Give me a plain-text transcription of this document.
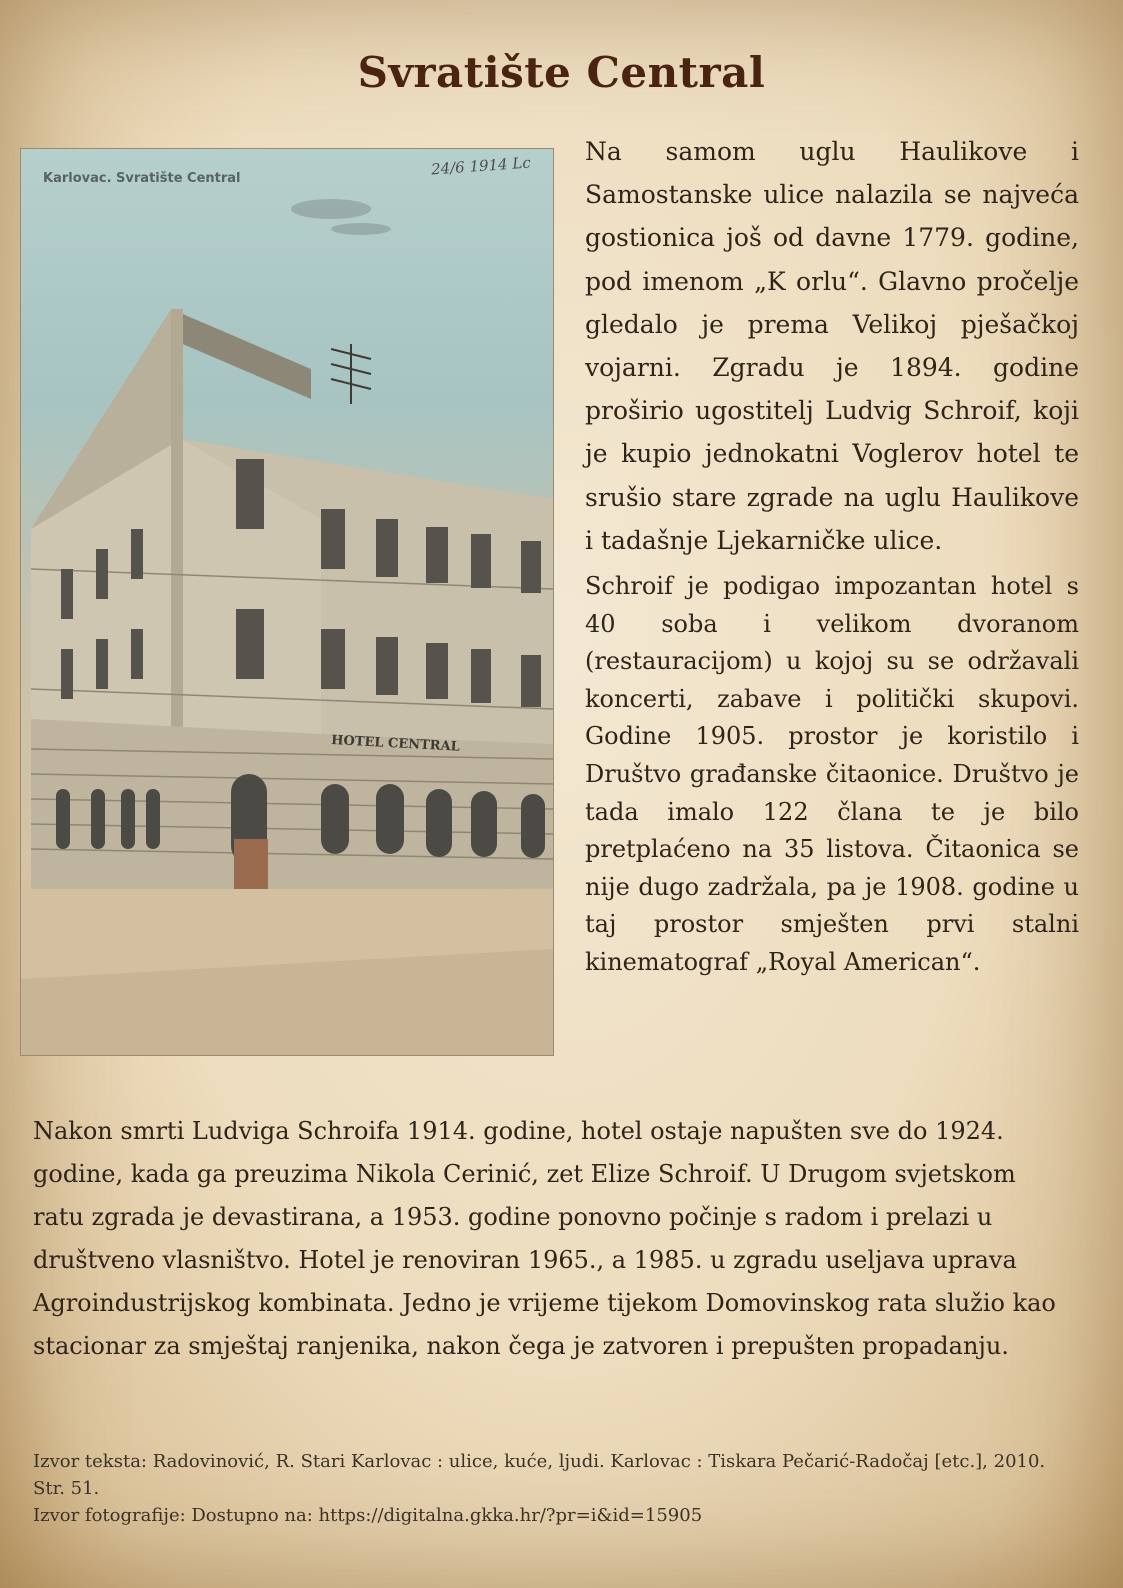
Svratište Central
HOTEL CENTRAL
Karlovac. Svratište Central
24/6 1914 Lc Na samom uglu Haulikove i Samostanske ulice nalazila se najveća gostionica još od davne 1779. godine, pod imenom „K orlu“. Glavno pročelje gledalo je prema Velikoj pješačkoj vojarni. Zgradu je 1894. godine proširio ugostitelj Ludvig Schroif, koji je kupio jednokatni Voglerov hotel te srušio stare zgrade na uglu Haulikove i tadašnje Ljekarničke ulice.

Schroif je podigao impozantan hotel s 40 soba i velikom dvoranom (restauracijom) u kojoj su se održavali koncerti, zabave i politički skupovi. Godine 1905. prostor je koristilo i Društvo građanske čitaonice. Društvo je tada imalo 122 člana te je bilo pretplaćeno na 35 listova. Čitaonica se nije dugo zadržala, pa je 1908. godine u taj prostor smješten prvi stalni kinematograf „Royal American“.

Nakon smrti Ludviga Schroifa 1914. godine, hotel ostaje napušten sve do 1924. godine, kada ga preuzima Nikola Cerinić, zet Elize Schroif. U Drugom svjetskom ratu zgrada je devastirana, a 1953. godine ponovno počinje s radom i prelazi u društveno vlasništvo. Hotel je renoviran 1965., a 1985. u zgradu useljava uprava Agroindustrijskog kombinata. Jedno je vrijeme tijekom Domovinskog rata služio kao stacionar za smještaj ranjenika, nakon čega je zatvoren i prepušten propadanju.

Izvor teksta: Radovinović, R. Stari Karlovac : ulice, kuće, ljudi. Karlovac : Tiskara Pečarić-Radočaj [etc.], 2010. Str. 51.

Izvor fotografije: Dostupno na: https://digitalna.gkka.hr/?pr=i&id=15905
